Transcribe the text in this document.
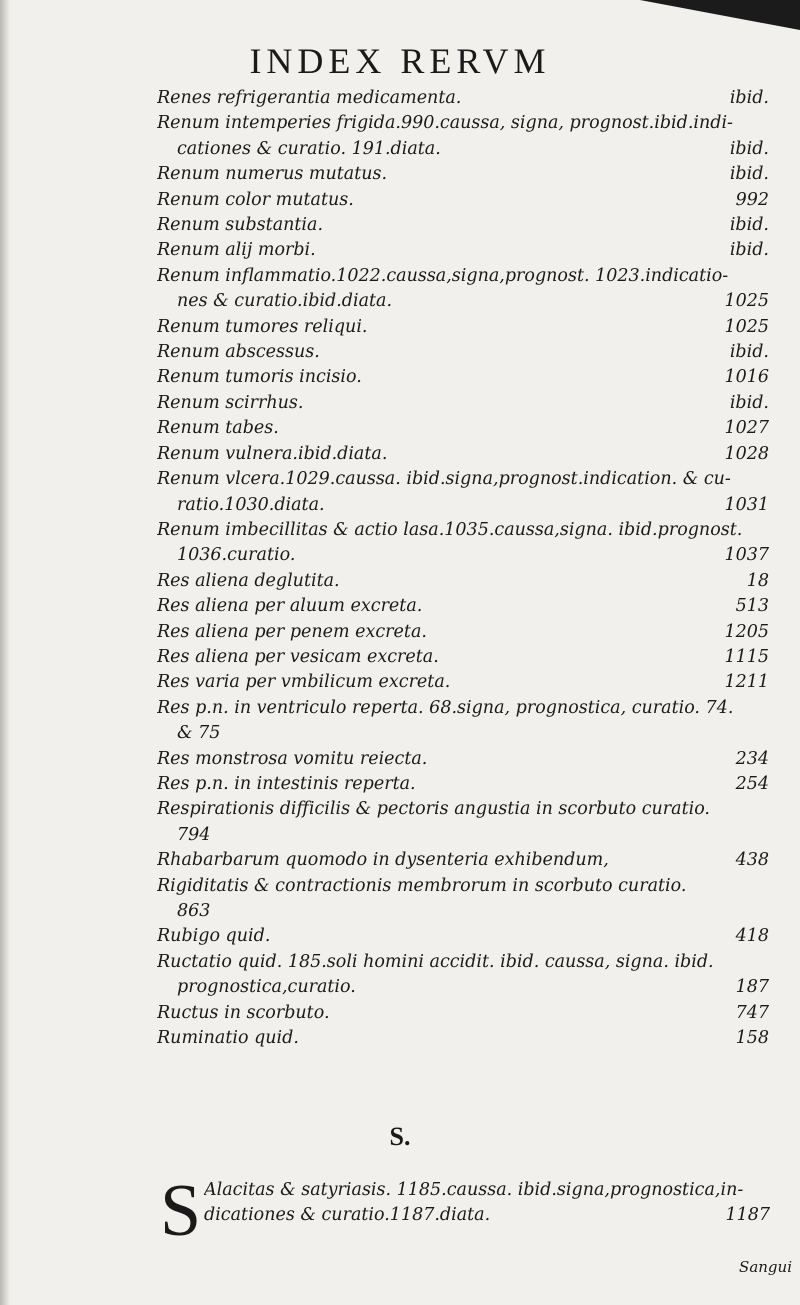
INDEX RERVM
Renes refrigerantia medicamenta.	ibid.
Renum intemperies frigida.990.caussa, signa, prognost.ibid.indi-
cationes & curatio. 191.diata.	ibid.
Renum numerus mutatus.	ibid.
Renum color mutatus.	992
Renum substantia.	ibid.
Renum alij morbi.	ibid.
Renum inflammatio.1022.caussa,signa,prognost. 1023.indicatio-
nes & curatio.ibid.diata.	1025
Renum tumores reliqui.	1025
Renum abscessus.	ibid.
Renum tumoris incisio.	1016
Renum scirrhus.	ibid.
Renum tabes.	1027
Renum vulnera.ibid.diata.	1028
Renum vlcera.1029.caussa. ibid.signa,prognost.indication. & cu-
ratio.1030.diata.	1031
Renum imbecillitas & actio lasa.1035.caussa,signa. ibid.prognost.
1036.curatio.	1037
Res aliena deglutita.	18
Res aliena per aluum excreta.	513
Res aliena per penem excreta.	1205
Res aliena per vesicam excreta.	1115
Res varia per vmbilicum excreta.	1211
Res p.n. in ventriculo reperta. 68.signa, prognostica, curatio. 74.
& 75
Res monstrosa vomitu reiecta.	234
Res p.n. in intestinis reperta.	254
Respirationis difficilis & pectoris angustia in scorbuto curatio.
794
Rhabarbarum quomodo in dysenteria exhibendum,	438
Rigiditatis & contractionis membrorum in scorbuto curatio.
863
Rubigo quid.	418
Ructatio quid. 185.soli homini accidit. ibid. caussa, signa. ibid.
prognostica,curatio.	187
Ructus in scorbuto.	747
Ruminatio quid.	158
S.
S Alacitas & satyriasis. 1185.caussa. ibid.signa,prognostica,in-
dicationes & curatio.1187.diata.	1187
Sangui
